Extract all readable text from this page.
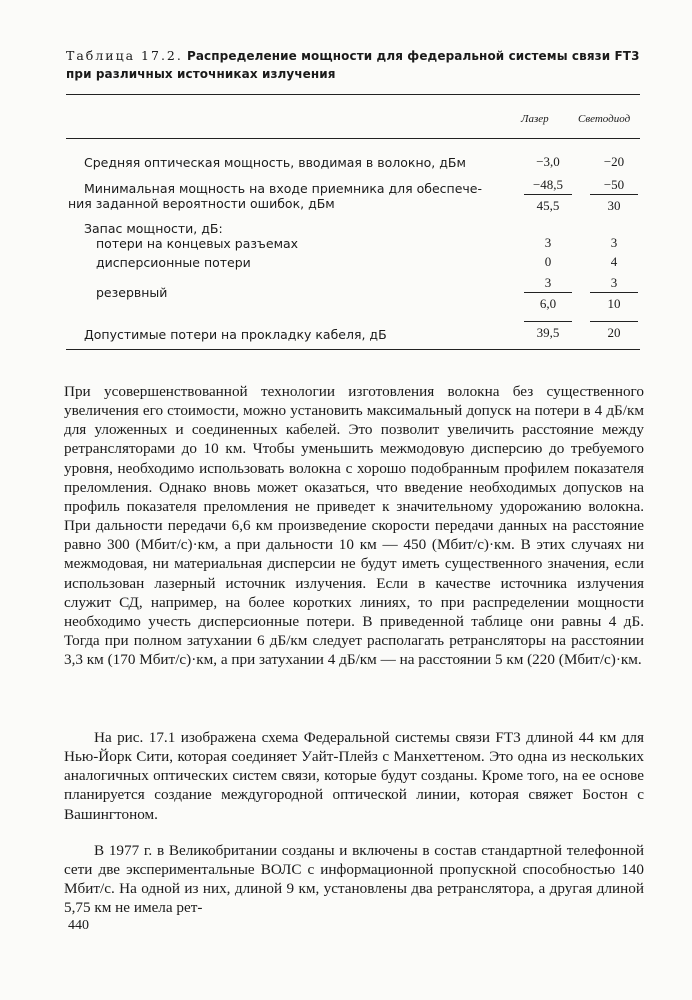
Таблица 17.2. Распределение мощности для федеральной системы связи FT3 при различных источниках излучения
Лазер	Светодиод
Средняя оптическая мощность, вводимая в волокно, дБм	−3,0	−20
Минимальная мощность на входе приемника для обеспече-
ния заданной вероятности ошибок, дБм
−48,5	−50
45,5	30
Запас мощности, дБ:
потери на концевых разъемах	3	3
дисперсионные потери	0	4
резервный
3	3
6,0	10
Допустимые потери на прокладку кабеля, дБ	39,5	20

При усовершенствованной технологии изготовления волокна без существенного увеличения его стоимости, можно установить максимальный допуск на потери в 4 дБ/км для уложенных и соединенных кабелей. Это позволит увеличить расстояние между ретрансляторами до 10 км. Чтобы уменьшить межмодовую дисперсию до требуемого уровня, необходимо использовать волокна с хорошо подобранным профилем показателя преломления. Однако вновь может оказаться, что введение необходимых допусков на профиль показателя преломления не приведет к значительному удорожанию волокна. При дальности передачи 6,6 км произведение скорости передачи данных на расстояние равно 300 (Мбит/с)·км, а при дальности 10 км — 450 (Мбит/с)·км. В этих случаях ни межмодовая, ни материальная дисперсии не будут иметь существенного значения, если использован лазерный источник излучения. Если в качестве источника излучения служит СД, например, на более коротких линиях, то при распределении мощности необходимо учесть дисперсионные потери. В приведенной таблице они равны 4 дБ. Тогда при полном затухании 6 дБ/км следует располагать ретрансляторы на расстоянии 3,3 км (170 Мбит/с)·км, а при затухании 4 дБ/км — на расстоянии 5 км (220 (Мбит/с)·км.

На рис. 17.1 изображена схема Федеральной системы связи FT3 длиной 44 км для Нью-Йорк Сити, которая соединяет Уайт-Плейз с Манхеттеном. Это одна из нескольких аналогичных оптических систем связи, которые будут созданы. Кроме того, на ее основе планируется создание междугородной оптической линии, которая свяжет Бостон с Вашингтоном.

В 1977 г. в Великобритании созданы и включены в состав стандартной телефонной сети две экспериментальные ВОЛС с информационной пропускной способностью 140 Мбит/с. На одной из них, длиной 9 км, установлены два ретранслятора, а другая длиной 5,75 км не имела рет-

440
